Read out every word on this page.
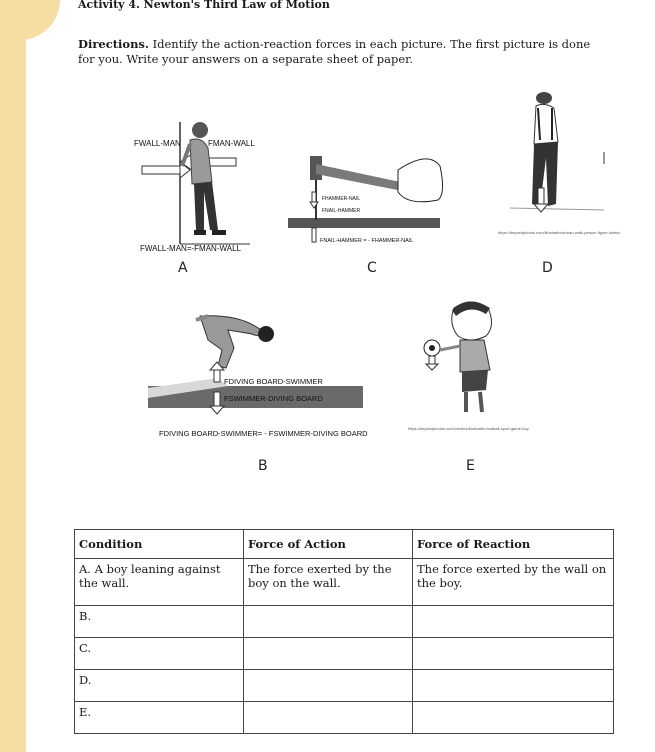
Activity 4. Newton's Third Law of Motion
Directions. Identify the action-reaction forces in each picture. The first picture is done for you. Write your answers on a separate sheet of paper.
FWALL-MAN	FMAN-WALL
FWALL-MAN=-FMAN-WALL
A
FHAMMER-NAIL
FNAIL-HAMMER
FNAIL-HAMMER = - FHAMMER-NAIL
C
https://depositphotos.com/illustrations/man-walk-person figure-sketch
D
FDIVING BOARD-SWIMMER
FSWIMMER-DIVING BOARD
FDIVING BOARD-SWIMMER= - FSWIMMER-DIVING BOARD
B
https://depositphotos.com/vectors/footballer-football-sport-game-boy
E
Condition	Force of Action	Force of Reaction
A. A boy leaning against the wall.	The force exerted by the boy on the wall.	The force exerted by the wall on the boy.
B.		
C.		
D.		
E.		
